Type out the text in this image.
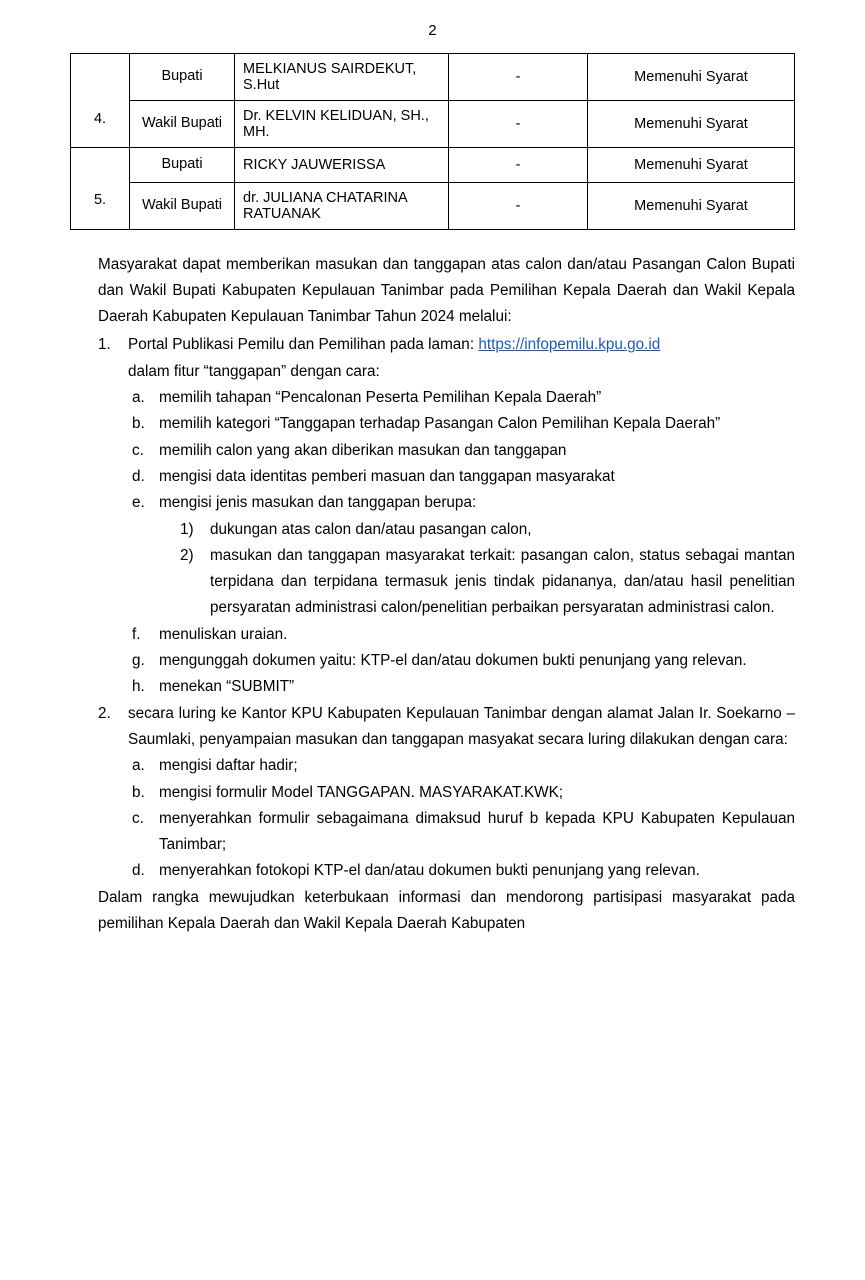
2
	Bupati	MELKIANUS SAIRDEKUT, S.Hut	-	Memenuhi Syarat
4.	Wakil Bupati	Dr. KELVIN KELIDUAN, SH., MH.	-	Memenuhi Syarat
	Bupati	RICKY JAUWERISSA	-	Memenuhi Syarat
5.	Wakil Bupati	dr. JULIANA CHATARINA RATUANAK	-	Memenuhi Syarat

Masyarakat dapat memberikan masukan dan tanggapan atas calon dan/atau Pasangan Calon Bupati dan Wakil Bupati Kabupaten Kepulauan Tanimbar pada Pemilihan Kepala Daerah dan Wakil Kepala Daerah Kabupaten Kepulauan Tanimbar Tahun 2024 melalui:

1.	Portal Publikasi Pemilu dan Pemilihan pada laman: https://infopemilu.kpu.go.id
dalam fitur “tanggapan” dengan cara:
a. memilih tahapan “Pencalonan Peserta Pemilihan Kepala Daerah”
b. memilih kategori “Tanggapan terhadap Pasangan Calon Pemilihan Kepala Daerah”
c. memilih calon yang akan diberikan masukan dan tanggapan
d. mengisi data identitas pemberi masuan dan tanggapan masyarakat
e. mengisi jenis masukan dan tanggapan berupa:
1)	dukungan atas calon dan/atau pasangan calon,
2)	masukan dan tanggapan masyarakat terkait: pasangan calon, status sebagai mantan terpidana dan terpidana termasuk jenis tindak pidananya, dan/atau hasil penelitian persyaratan administrasi calon/penelitian perbaikan persyaratan administrasi calon.
f.	menuliskan uraian.
g. mengunggah dokumen yaitu: KTP-el dan/atau dokumen bukti penunjang yang relevan.
h. menekan “SUBMIT”
2.	secara luring ke Kantor KPU Kabupaten Kepulauan Tanimbar dengan alamat Jalan Ir. Soekarno – Saumlaki, penyampaian masukan dan tanggapan masyakat secara luring dilakukan dengan cara:
a. mengisi daftar hadir;
b. mengisi formulir Model TANGGAPAN. MASYARAKAT.KWK;
c. menyerahkan formulir sebagaimana dimaksud huruf b kepada KPU Kabupaten Kepulauan Tanimbar;
d. menyerahkan fotokopi KTP-el dan/atau dokumen bukti penunjang yang relevan.

Dalam rangka mewujudkan keterbukaan informasi dan mendorong partisipasi masyarakat pada pemilihan Kepala Daerah dan Wakil Kepala Daerah Kabupaten
